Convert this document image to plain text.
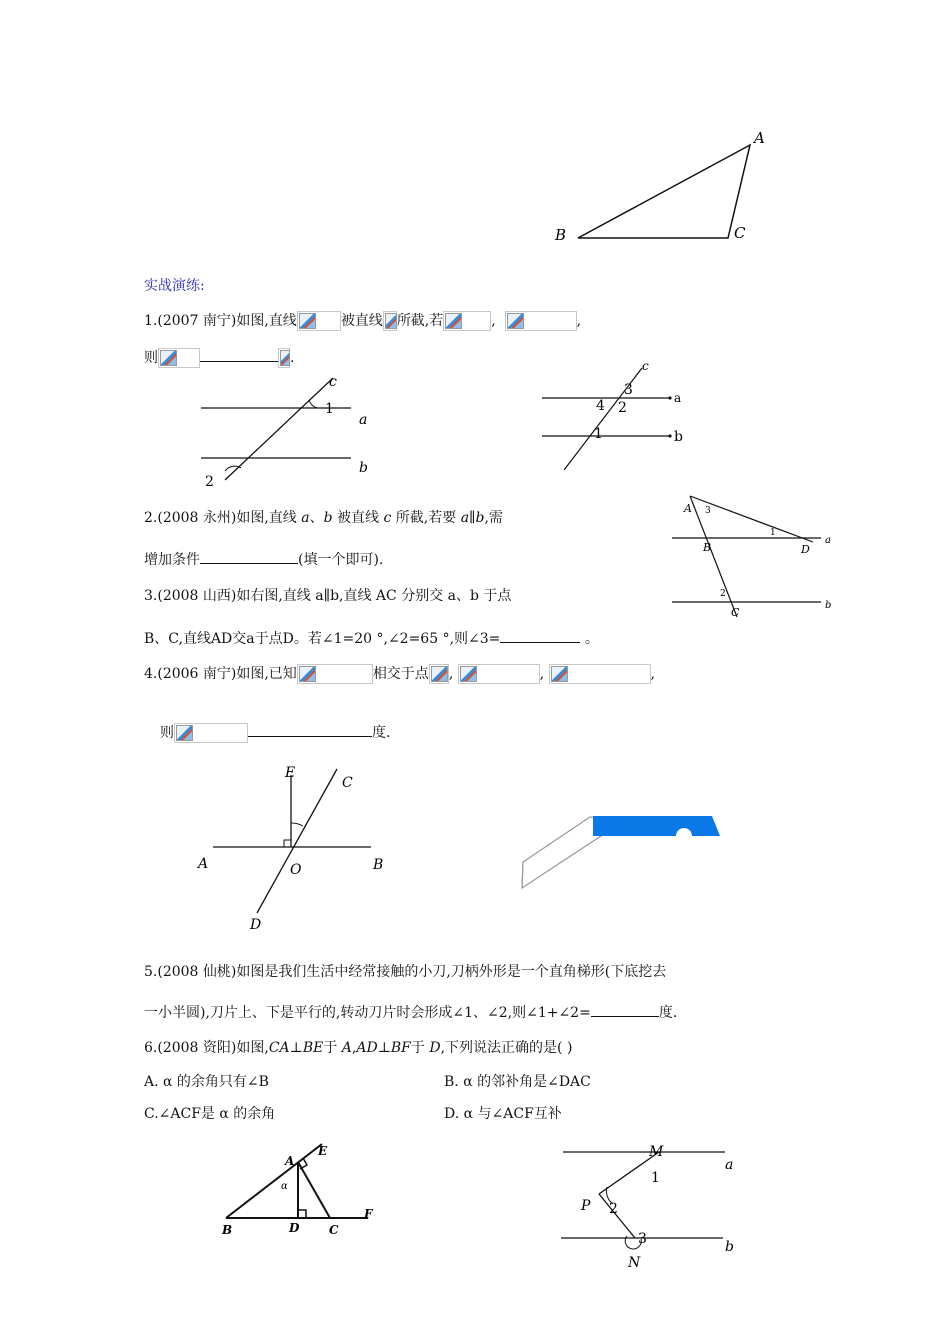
A
B	C
实战演练:
1.(2007 南宁)如图,直线	被直线 所截,若	,	,
则	.
c
1
a
b
2
c
3
4 2
a
1	b
2.(2008 永州)如图,直线 a、b 被直线 c 所截,若要 a∥b,需
增加条件	(填一个即可).
3.(2008 山西)如右图,直线 a∥b,直线 AC 分别交 a、b 于点
B、C,直线AD交a于点D。若∠1=20 °,∠2=65 °,则∠3=	。
A 3
1
B	D
a
2
C
b
4.(2006 南宁)如图,已知	相交于点 ,	,	,
则	度.
E
C
A	O	B
D
5.(2008 仙桃)如图是我们生活中经常接触的小刀,刀柄外形是一个直角梯形(下底挖去
一小半圆),刀片上、下是平行的,转动刀片时会形成∠1、∠2,则∠1+∠2=	度.
6.(2008 资阳)如图,CA⊥BE于 A,AD⊥BF于 D,下列说法正确的是( )
A. α 的余角只有∠B	B. α 的邻补角是∠DAC
C.∠ACF是 α 的余角	D. α 与∠ACF互补
E
A
α
F
B	D C
M
a
1
P 2
3	b
N
